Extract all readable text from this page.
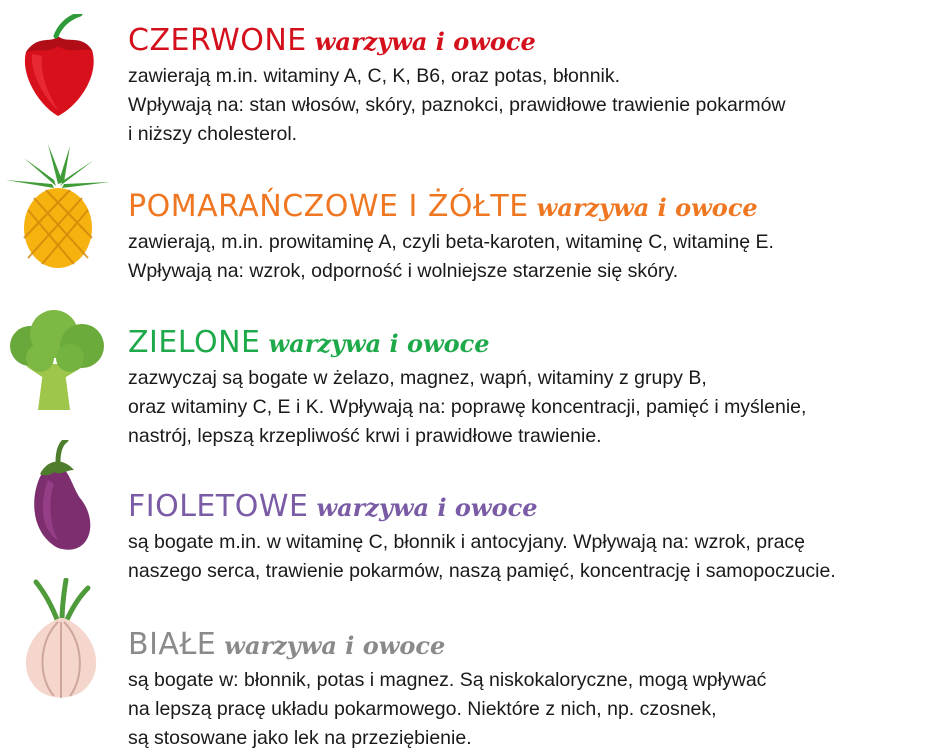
CZERWONE warzywa i owoce
zawierają m.in. witaminy A, C, K, B6, oraz potas, błonnik.
Wpływają na: stan włosów, skóry, paznokci, prawidłowe trawienie pokarmów
i niższy cholesterol.
POMARAŃCZOWE I ŻÓŁTE warzywa i owoce
zawierają, m.in. prowitaminę A, czyli beta-karoten, witaminę C, witaminę E.
Wpływają na: wzrok, odporność i wolniejsze starzenie się skóry.
ZIELONE warzywa i owoce
zazwyczaj są bogate w żelazo, magnez, wapń, witaminy z grupy B,
oraz witaminy C, E i K. Wpływają na: poprawę koncentracji, pamięć i myślenie,
nastrój, lepszą krzepliwość krwi i prawidłowe trawienie.
FIOLETOWE warzywa i owoce
są bogate m.in. w witaminę C, błonnik i antocyjany. Wpływają na: wzrok, pracę
naszego serca, trawienie pokarmów, naszą pamięć, koncentrację i samopoczucie.
BIAŁE warzywa i owoce
są bogate w: błonnik, potas i magnez. Są niskokaloryczne, mogą wpływać
na lepszą pracę układu pokarmowego. Niektóre z nich, np. czosnek,
są stosowane jako lek na przeziębienie.
